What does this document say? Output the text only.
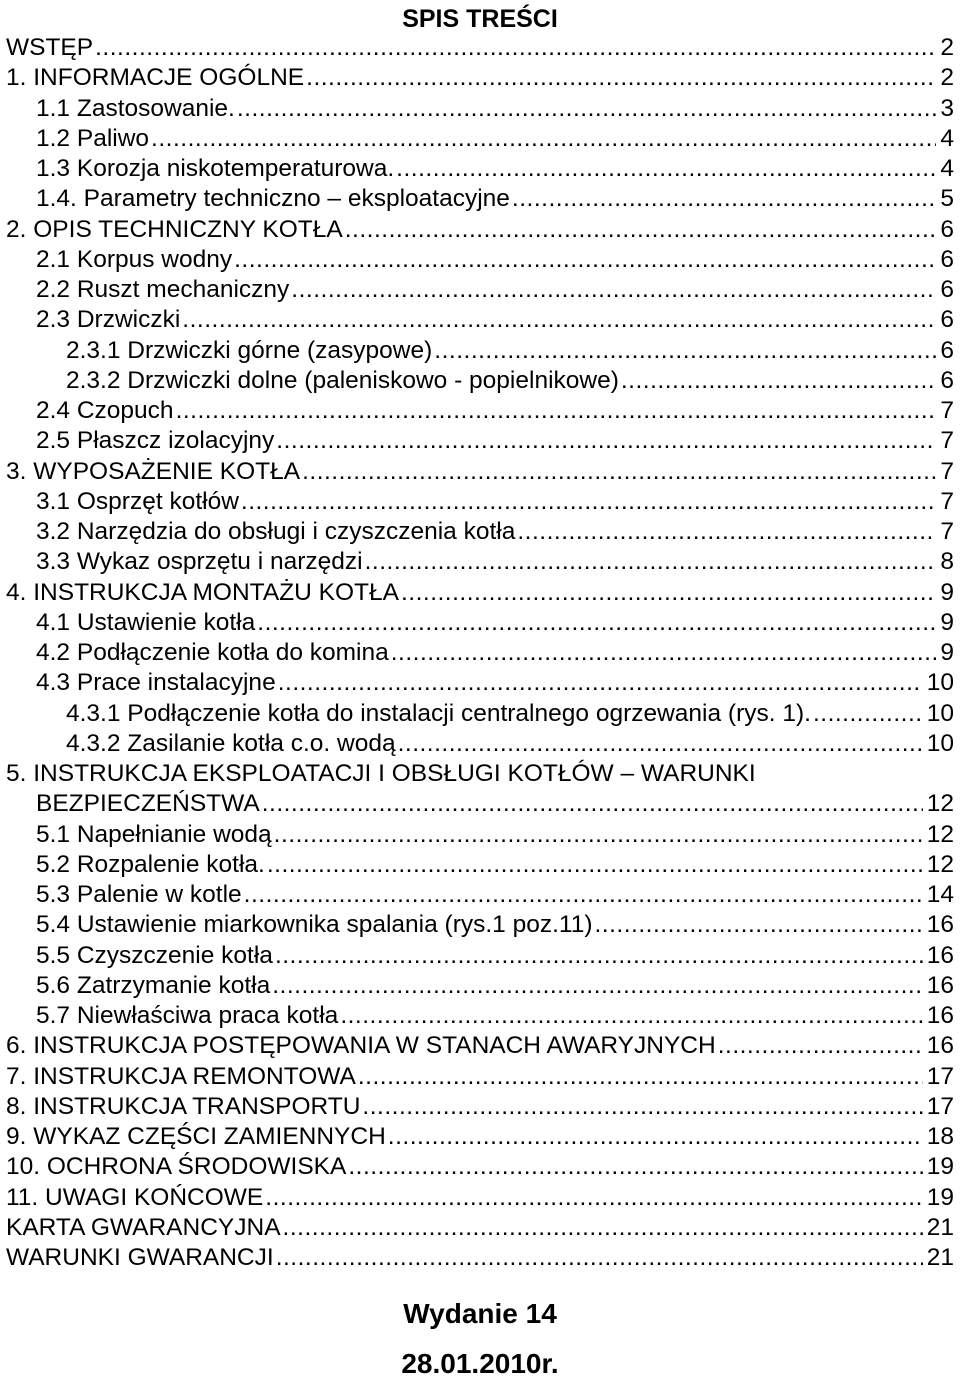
SPIS TREŚCI
WSTĘP .....	2
1. INFORMACJE OGÓLNE .....	2
1.1 Zastosowanie. .....	3
1.2 Paliwo .....	4
1.3 Korozja niskotemperaturowa. .....	4
1.4. Parametry techniczno – eksploatacyjne .....	5
2. OPIS TECHNICZNY KOTŁA .....	6
2.1 Korpus wodny .....	6
2.2 Ruszt mechaniczny .....	6
2.3 Drzwiczki .....	6
2.3.1 Drzwiczki górne (zasypowe) .....	6
2.3.2 Drzwiczki dolne (paleniskowo - popielnikowe) .....	6
2.4 Czopuch .....	7
2.5 Płaszcz izolacyjny .....	7
3. WYPOSAŻENIE KOTŁA .....	7
3.1 Osprzęt kotłów .....	7
3.2 Narzędzia do obsługi i czyszczenia kotła .....	7
3.3 Wykaz osprzętu i narzędzi .....	8
4. INSTRUKCJA MONTAŻU KOTŁA .....	9
4.1 Ustawienie kotła .....	9
4.2 Podłączenie kotła do komina .....	9
4.3 Prace instalacyjne .....	10
4.3.1 Podłączenie kotła do instalacji centralnego ogrzewania (rys. 1). .....	10
4.3.2 Zasilanie kotła c.o. wodą .....	10
5. INSTRUKCJA EKSPLOATACJI I OBSŁUGI KOTŁÓW – WARUNKI
BEZPIECZEŃSTWA .....	12
5.1 Napełnianie wodą .....	12
5.2 Rozpalenie kotła. .....	12
5.3 Palenie w kotle .....	14
5.4 Ustawienie miarkownika spalania (rys.1 poz.11) .....	16
5.5 Czyszczenie kotła .....	16
5.6 Zatrzymanie kotła .....	16
5.7 Niewłaściwa praca kotła .....	16
6. INSTRUKCJA POSTĘPOWANIA W STANACH AWARYJNYCH .....	16
7. INSTRUKCJA REMONTOWA .....	17
8. INSTRUKCJA TRANSPORTU .....	17
9. WYKAZ CZĘŚCI ZAMIENNYCH .....	18
10. OCHRONA ŚRODOWISKA .....	19
11. UWAGI KOŃCOWE .....	19
KARTA GWARANCYJNA .....	21
WARUNKI GWARANCJI .....	21
Wydanie 14
28.01.2010r.
